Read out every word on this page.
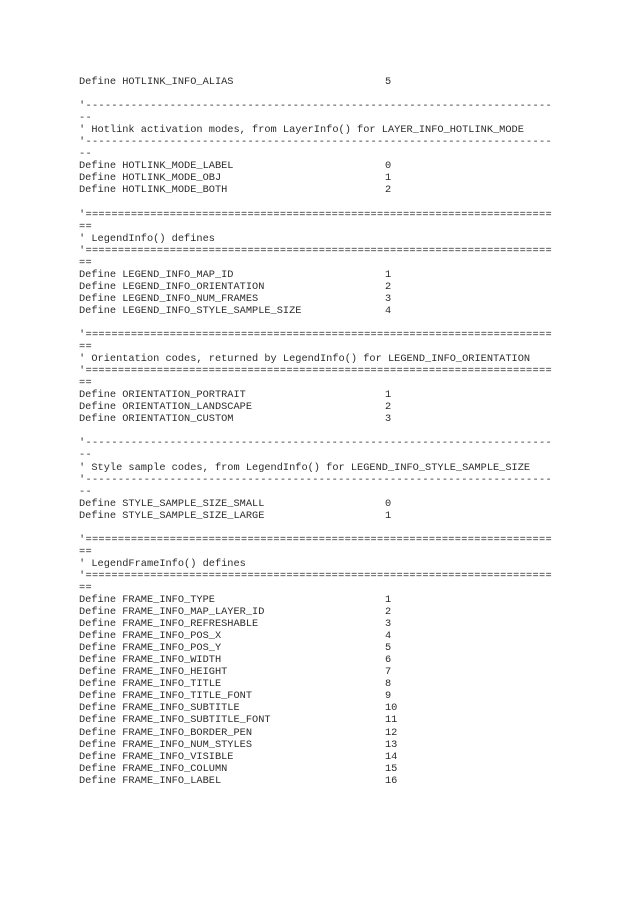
Define HOTLINK_INFO_ALIAS	5
'------------------------------------------------------------------------
--
' Hotlink activation modes, from LayerInfo() for LAYER_INFO_HOTLINK_MODE
'------------------------------------------------------------------------
--
Define HOTLINK_MODE_LABEL	0
Define HOTLINK_MODE_OBJ	1
Define HOTLINK_MODE_BOTH	2
'========================================================================
==
' LegendInfo() defines
'========================================================================
==
Define LEGEND_INFO_MAP_ID	1
Define LEGEND_INFO_ORIENTATION	2
Define LEGEND_INFO_NUM_FRAMES	3
Define LEGEND_INFO_STYLE_SAMPLE_SIZE	4
'========================================================================
==
' Orientation codes, returned by LegendInfo() for LEGEND_INFO_ORIENTATION
'========================================================================
==
Define ORIENTATION_PORTRAIT	1
Define ORIENTATION_LANDSCAPE	2
Define ORIENTATION_CUSTOM	3
'------------------------------------------------------------------------
--
' Style sample codes, from LegendInfo() for LEGEND_INFO_STYLE_SAMPLE_SIZE
'------------------------------------------------------------------------
--
Define STYLE_SAMPLE_SIZE_SMALL	0
Define STYLE_SAMPLE_SIZE_LARGE	1
'========================================================================
==
' LegendFrameInfo() defines
'========================================================================
==
Define FRAME_INFO_TYPE	1
Define FRAME_INFO_MAP_LAYER_ID	2
Define FRAME_INFO_REFRESHABLE	3
Define FRAME_INFO_POS_X	4
Define FRAME_INFO_POS_Y	5
Define FRAME_INFO_WIDTH	6
Define FRAME_INFO_HEIGHT	7
Define FRAME_INFO_TITLE	8
Define FRAME_INFO_TITLE_FONT	9
Define FRAME_INFO_SUBTITLE	10
Define FRAME_INFO_SUBTITLE_FONT	11
Define FRAME_INFO_BORDER_PEN	12
Define FRAME_INFO_NUM_STYLES	13
Define FRAME_INFO_VISIBLE	14
Define FRAME_INFO_COLUMN	15
Define FRAME_INFO_LABEL	16
